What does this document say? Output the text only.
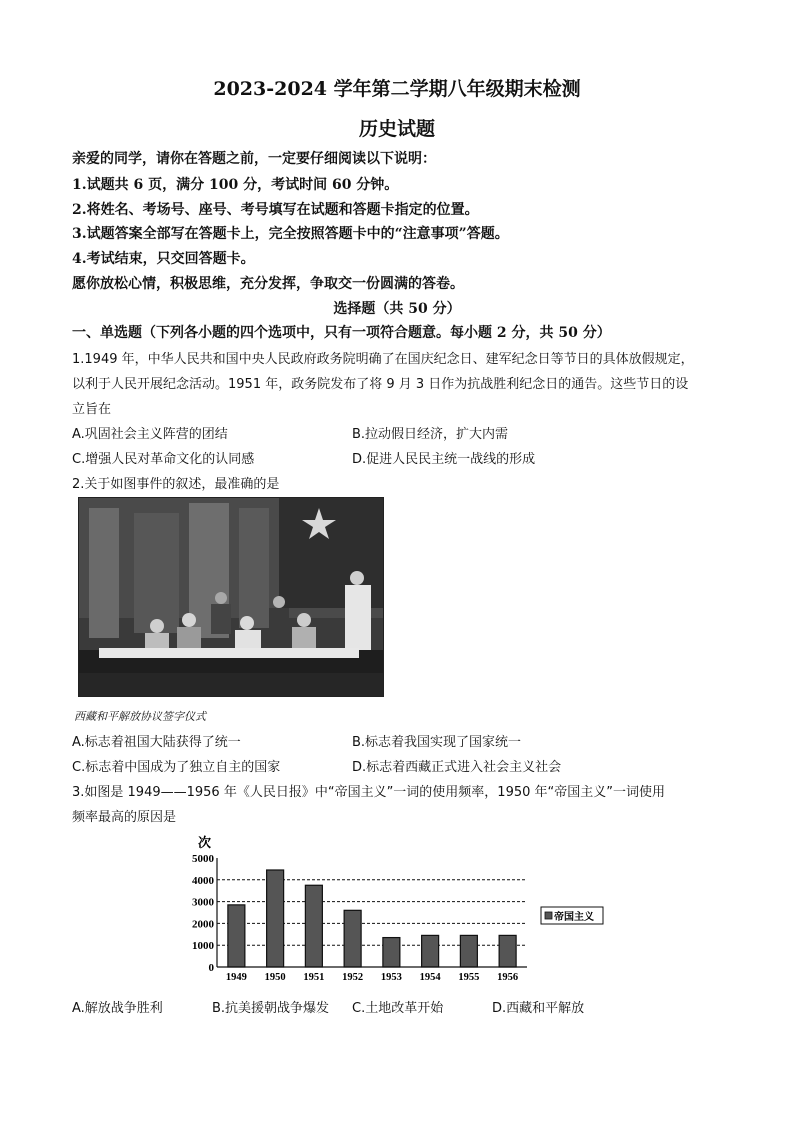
2023-2024 学年第二学期八年级期末检测
历史试题
亲爱的同学，请你在答题之前，一定要仔细阅读以下说明：
1.试题共 6 页，满分 100 分，考试时间 60 分钟。
2.将姓名、考场号、座号、考号填写在试题和答题卡指定的位置。
3.试题答案全部写在答题卡上，完全按照答题卡中的“注意事项”答题。
4.考试结束，只交回答题卡。
愿你放松心情，积极思维，充分发挥，争取交一份圆满的答卷。
选择题（共 50 分）
一、单选题（下列各小题的四个选项中，只有一项符合题意。每小题 2 分，共 50 分）
1.1949 年，中华人民共和国中央人民政府政务院明确了在国庆纪念日、建军纪念日等节日的具体放假规定，
以利于人民开展纪念活动。1951 年，政务院发布了将 9 月 3 日作为抗战胜利纪念日的通告。这些节日的设
立旨在
A.巩固社会主义阵营的团结	B.拉动假日经济，扩大内需
C.增强人民对革命文化的认同感	D.促进人民民主统一战线的形成
2.关于如图事件的叙述，最准确的是
西藏和平解放协议签字仪式
A.标志着祖国大陆获得了统一	B.标志着我国实现了国家统一
C.标志着中国成为了独立自主的国家	D.标志着西藏正式进入社会主义社会
3.如图是 1949——1956 年《人民日报》中“帝国主义”一词的使用频率，1950 年“帝国主义”一词使用
频率最高的原因是
次
0
1000
2000
3000
4000
5000
1949 1950 1951 1952 1953 1954 1955 1956
帝国主义
A.解放战争胜利	B.抗美援朝战争爆发 C.土地改革开始	D.西藏和平解放
